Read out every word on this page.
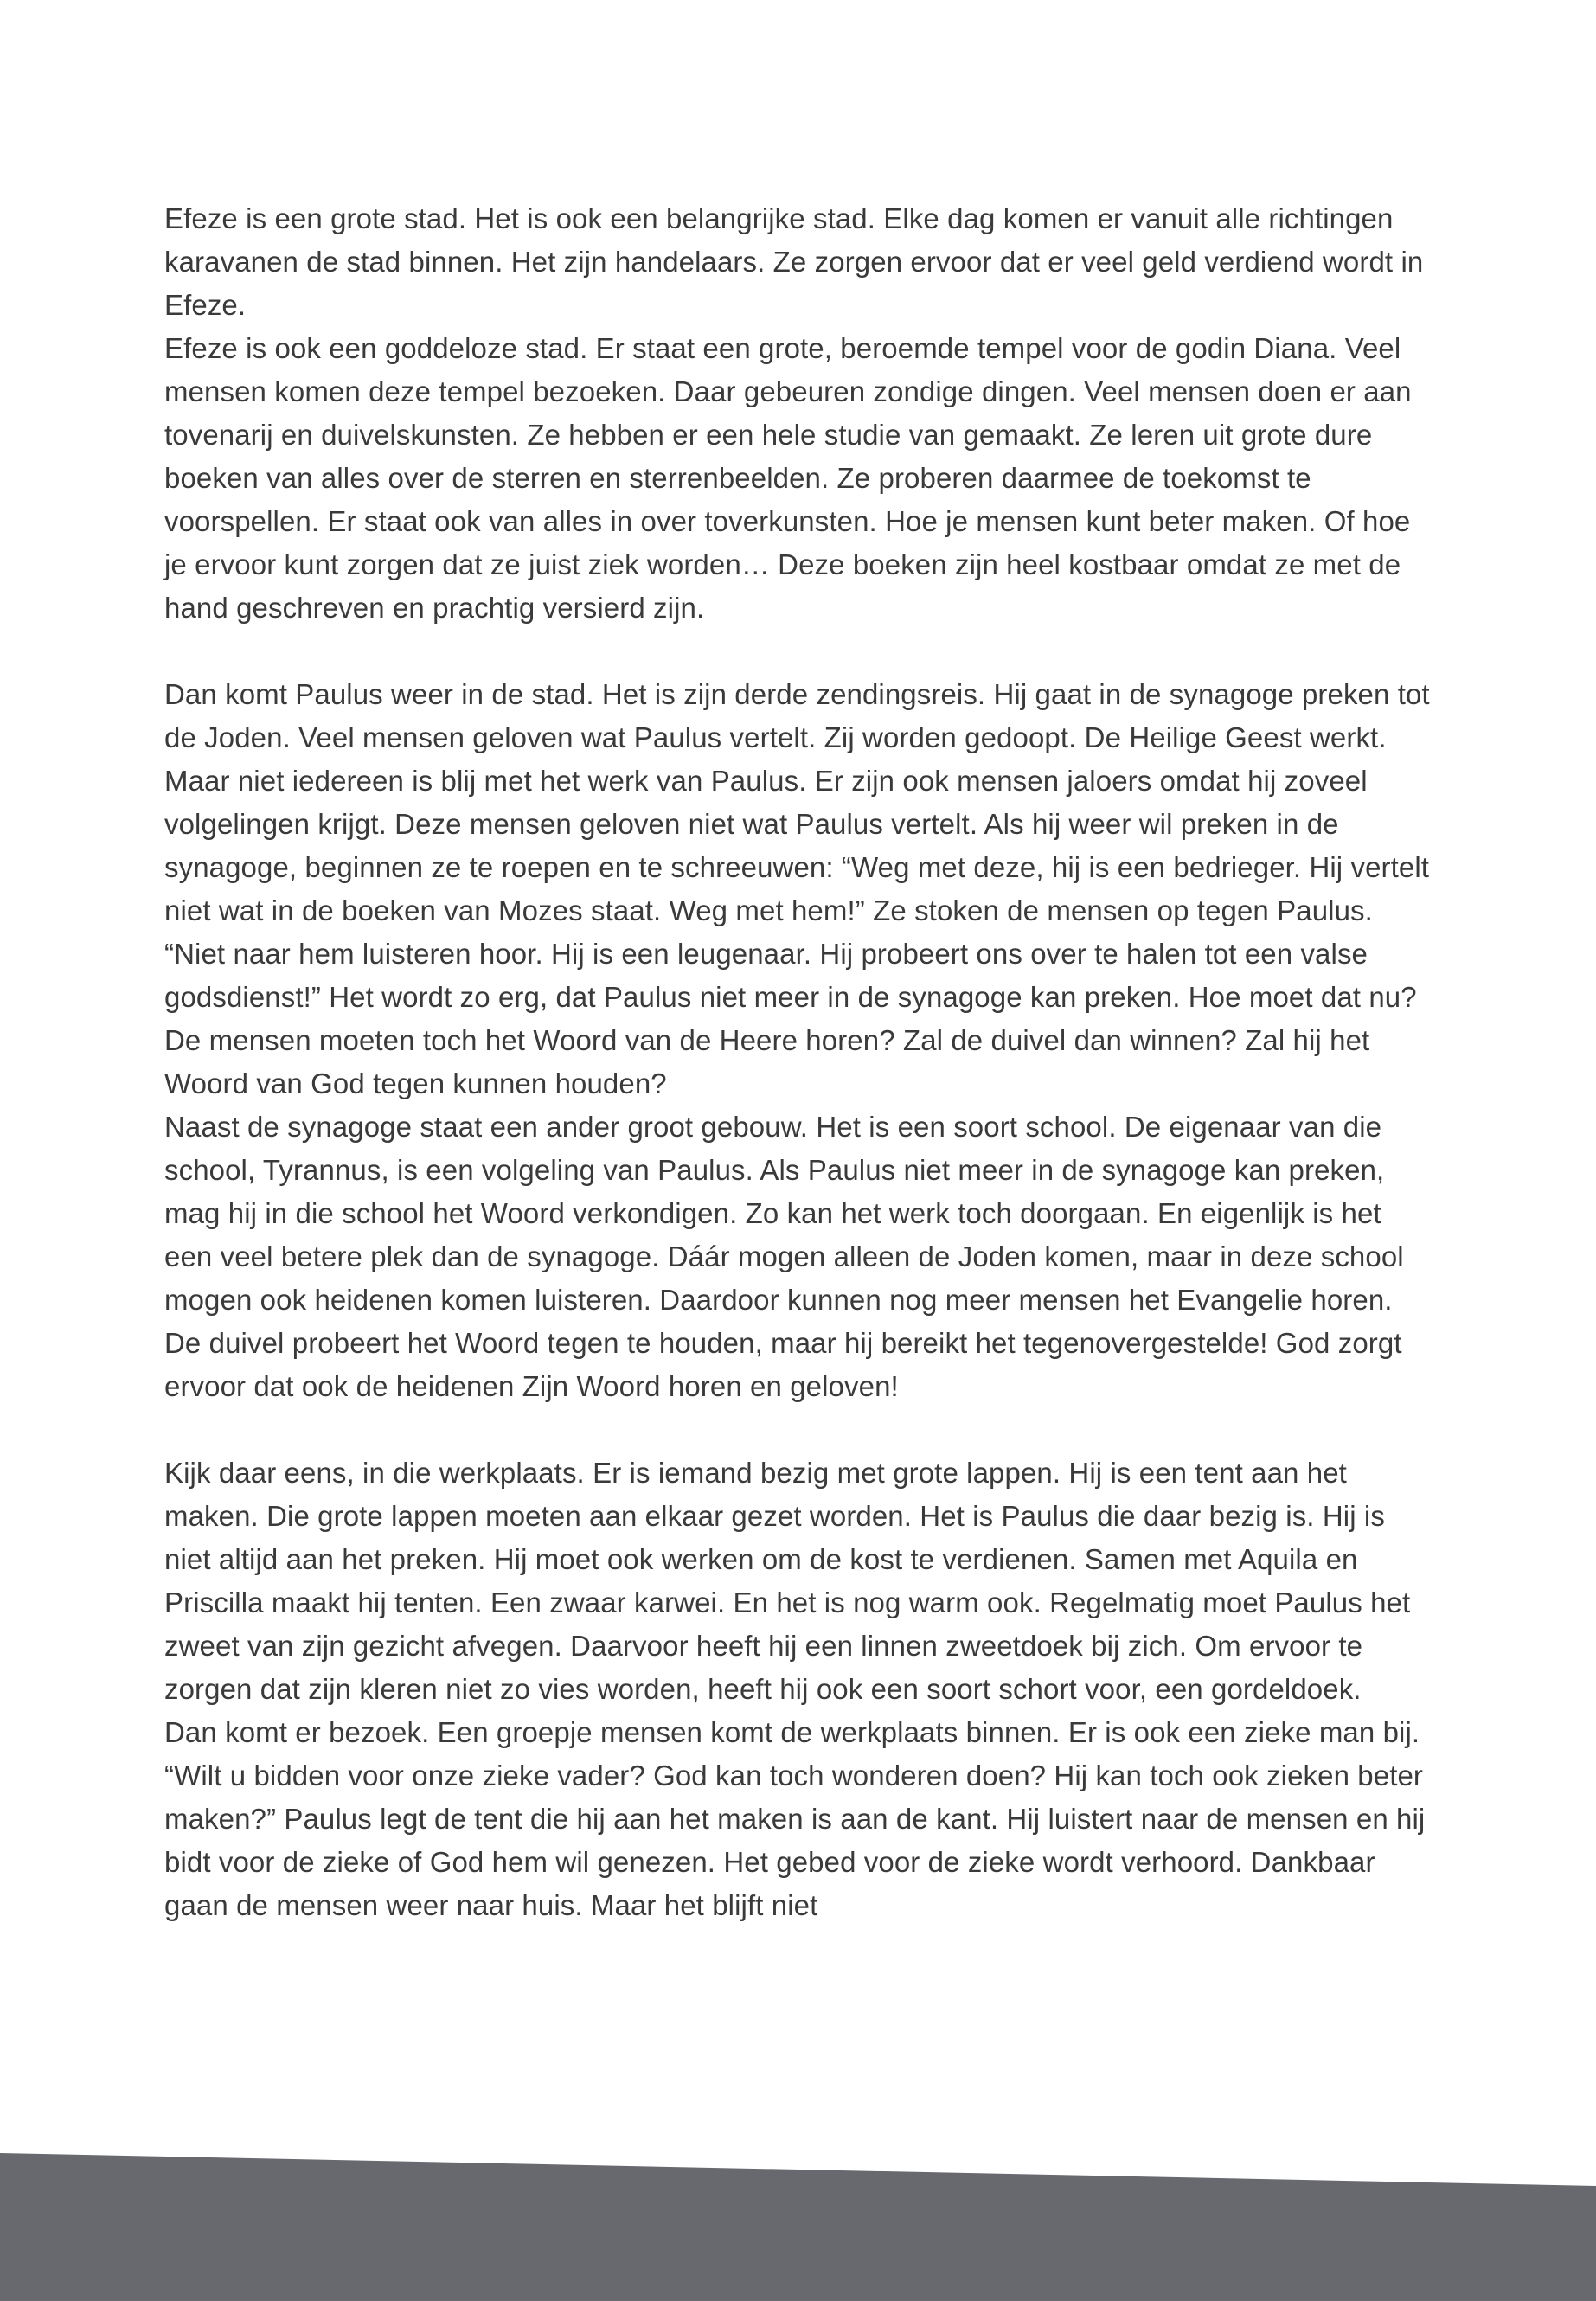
Efeze is een grote stad. Het is ook een belangrijke stad. Elke dag komen er vanuit alle richtingen karavanen de stad binnen. Het zijn handelaars. Ze zorgen ervoor dat er veel geld verdiend wordt in Efeze.

Efeze is ook een goddeloze stad. Er staat een grote, beroemde tempel voor de godin Diana. Veel mensen komen deze tempel bezoeken. Daar gebeuren zondige dingen. Veel mensen doen er aan tovenarij en duivelskunsten. Ze hebben er een hele studie van gemaakt. Ze leren uit grote dure boeken van alles over de sterren en sterrenbeelden. Ze proberen daarmee de toekomst te voorspellen. Er staat ook van alles in over toverkunsten. Hoe je mensen kunt beter maken. Of hoe je ervoor kunt zorgen dat ze juist ziek worden… Deze boeken zijn heel kostbaar omdat ze met de hand geschreven en prachtig versierd zijn.

Dan komt Paulus weer in de stad. Het is zijn derde zendingsreis. Hij gaat in de synagoge preken tot de Joden. Veel mensen geloven wat Paulus vertelt. Zij worden gedoopt. De Heilige Geest werkt.

Maar niet iedereen is blij met het werk van Paulus. Er zijn ook mensen jaloers omdat hij zoveel volgelingen krijgt. Deze mensen geloven niet wat Paulus vertelt. Als hij weer wil preken in de synagoge, beginnen ze te roepen en te schreeuwen: “Weg met deze, hij is een bedrieger. Hij vertelt niet wat in de boeken van Mozes staat. Weg met hem!” Ze stoken de mensen op tegen Paulus. “Niet naar hem luisteren hoor. Hij is een leugenaar. Hij probeert ons over te halen tot een valse godsdienst!” Het wordt zo erg, dat Paulus niet meer in de synagoge kan preken. Hoe moet dat nu? De mensen moeten toch het Woord van de Heere horen? Zal de duivel dan winnen? Zal hij het Woord van God tegen kunnen houden?

Naast de synagoge staat een ander groot gebouw. Het is een soort school. De eigenaar van die school, Tyrannus, is een volgeling van Paulus. Als Paulus niet meer in de synagoge kan preken, mag hij in die school het Woord verkondigen. Zo kan het werk toch doorgaan. En eigenlijk is het een veel betere plek dan de synagoge. Dáár mogen alleen de Joden komen, maar in deze school mogen ook heidenen komen luisteren. Daardoor kunnen nog meer mensen het Evangelie horen. De duivel probeert het Woord tegen te houden, maar hij bereikt het tegenovergestelde! God zorgt ervoor dat ook de heidenen Zijn Woord horen en geloven!

Kijk daar eens, in die werkplaats. Er is iemand bezig met grote lappen. Hij is een tent aan het maken. Die grote lappen moeten aan elkaar gezet worden. Het is Paulus die daar bezig is. Hij is niet altijd aan het preken. Hij moet ook werken om de kost te verdienen. Samen met Aquila en Priscilla maakt hij tenten. Een zwaar karwei. En het is nog warm ook. Regelmatig moet Paulus het zweet van zijn gezicht afvegen. Daarvoor heeft hij een linnen zweetdoek bij zich. Om ervoor te zorgen dat zijn kleren niet zo vies worden, heeft hij ook een soort schort voor, een gordeldoek.

Dan komt er bezoek. Een groepje mensen komt de werkplaats binnen. Er is ook een zieke man bij. “Wilt u bidden voor onze zieke vader? God kan toch wonderen doen? Hij kan toch ook zieken beter maken?” Paulus legt de tent die hij aan het maken is aan de kant. Hij luistert naar de mensen en hij bidt voor de zieke of God hem wil genezen. Het gebed voor de zieke wordt verhoord. Dankbaar gaan de mensen weer naar huis. Maar het blijft niet
